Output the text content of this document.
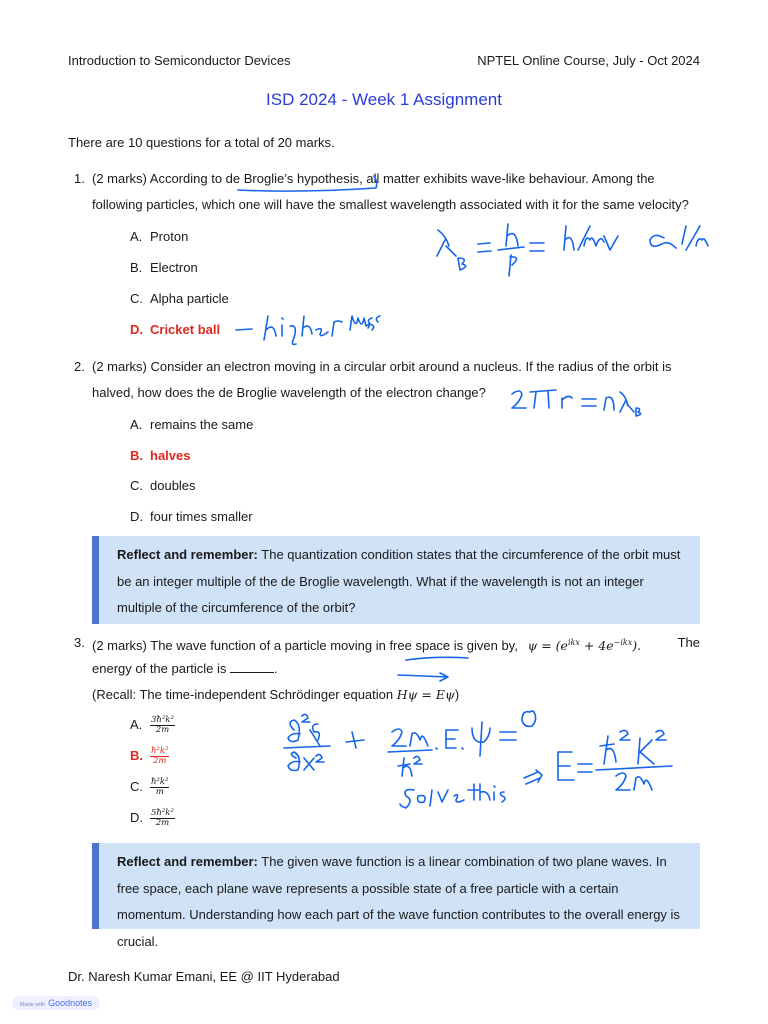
Introduction to Semiconductor Devices	NPTEL Online Course, July - Oct 2024
ISD 2024 - Week 1 Assignment
There are 10 questions for a total of 20 marks.
1. (2 marks) According to de Broglie’s hypothesis, all matter exhibits wave-like behaviour. Among the
following particles, which one will have the smallest wavelength associated with it for the same velocity?
A. Proton
B. Electron
C. Alpha particle
D. Cricket ball
2. (2 marks) Consider an electron moving in a circular orbit around a nucleus. If the radius of the orbit is
halved, how does the de Broglie wavelength of the electron change?
A. remains the same
B. halves
C. doubles
D. four times smaller
Reflect and remember: The quantization condition states that the circumference of the orbit must be an integer multiple of the de Broglie wavelength. What if the wavelength is not an integer multiple of the circumference of the orbit?
3. (2 marks) The wave function of a particle moving in free space is given by, $\psi = (e^{ikx} + 4e^{-ikx})$.	The
energy of the particle is	.
(Recall: The time-independent Schrödinger equation Hψ = Eψ)
A. $\frac{\text{3ħ²k²}}{2m}$
B. $\frac{\text{ħ²k²}}{2m}$
C. $\frac{\text{ħ²k²}}{m}$
D. $\frac{\text{5ħ²k²}}{2m}$
Reflect and remember: The given wave function is a linear combination of two plane waves. In free space, each plane wave represents a possible state of a free particle with a certain momentum. Understanding how each part of the wave function contributes to the overall energy is crucial.
Dr. Naresh Kumar Emani, EE @ IIT Hyderabad
Made with Goodnotes
